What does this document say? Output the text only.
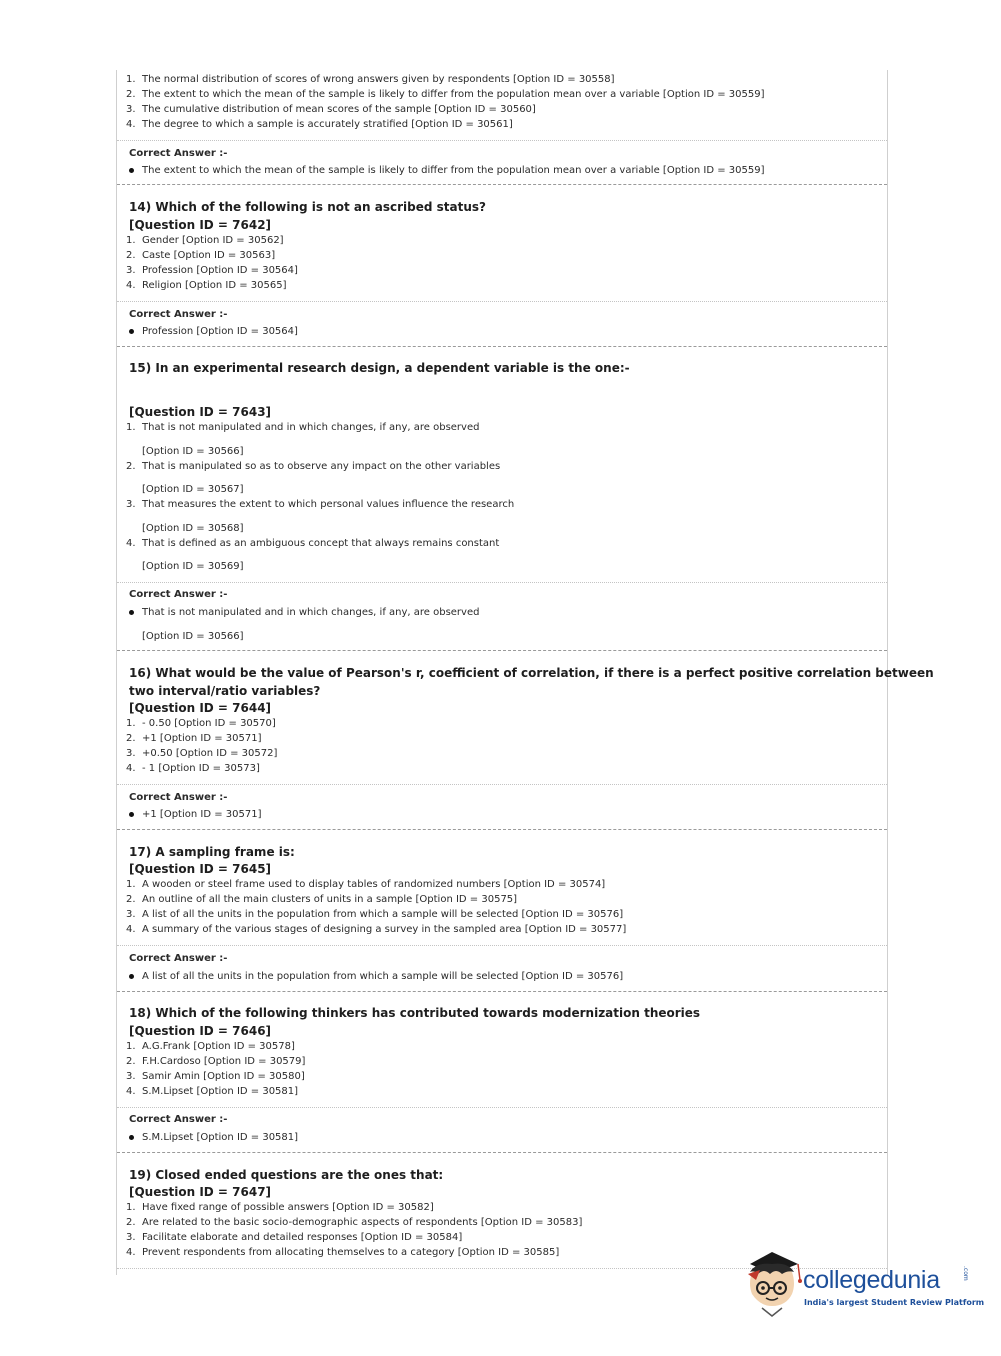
1. The normal distribution of scores of wrong answers given by respondents [Option ID = 30558]
2. The extent to which the mean of the sample is likely to differ from the population mean over a variable [Option ID = 30559]
3. The cumulative distribution of mean scores of the sample [Option ID = 30560]
4. The degree to which a sample is accurately stratified [Option ID = 30561]
Correct Answer :-
The extent to which the mean of the sample is likely to differ from the population mean over a variable [Option ID = 30559]
14) Which of the following is not an ascribed status?
[Question ID = 7642]
1. Gender [Option ID = 30562]
2. Caste [Option ID = 30563]
3. Profession [Option ID = 30564]
4. Religion [Option ID = 30565]
Correct Answer :-
Profession [Option ID = 30564]
15) In an experimental research design, a dependent variable is the one:-
[Question ID = 7643]
1. That is not manipulated and in which changes, if any, are observed
[Option ID = 30566]
2. That is manipulated so as to observe any impact on the other variables
[Option ID = 30567]
3. That measures the extent to which personal values influence the research
[Option ID = 30568]
4. That is defined as an ambiguous concept that always remains constant
[Option ID = 30569]
Correct Answer :-
That is not manipulated and in which changes, if any, are observed
[Option ID = 30566]
16) What would be the value of Pearson's r, coefficient of correlation, if there is a perfect positive correlation between
two interval/ratio variables?
[Question ID = 7644]
1. - 0.50 [Option ID = 30570]
2. +1 [Option ID = 30571]
3. +0.50 [Option ID = 30572]
4. - 1 [Option ID = 30573]
Correct Answer :-
+1 [Option ID = 30571]
17) A sampling frame is:
[Question ID = 7645]
1. A wooden or steel frame used to display tables of randomized numbers [Option ID = 30574]
2. An outline of all the main clusters of units in a sample [Option ID = 30575]
3. A list of all the units in the population from which a sample will be selected [Option ID = 30576]
4. A summary of the various stages of designing a survey in the sampled area [Option ID = 30577]
Correct Answer :-
A list of all the units in the population from which a sample will be selected [Option ID = 30576]
18) Which of the following thinkers has contributed towards modernization theories
[Question ID = 7646]
1. A.G.Frank [Option ID = 30578]
2. F.H.Cardoso [Option ID = 30579]
3. Samir Amin [Option ID = 30580]
4. S.M.Lipset [Option ID = 30581]
Correct Answer :-
S.M.Lipset [Option ID = 30581]
19) Closed ended questions are the ones that:
[Question ID = 7647]
1. Have fixed range of possible answers [Option ID = 30582]
2. Are related to the basic socio-demographic aspects of respondents [Option ID = 30583]
3. Facilitate elaborate and detailed responses [Option ID = 30584]
4. Prevent respondents from allocating themselves to a category [Option ID = 30585]
collegedunia	.com
India's largest Student Review Platform
